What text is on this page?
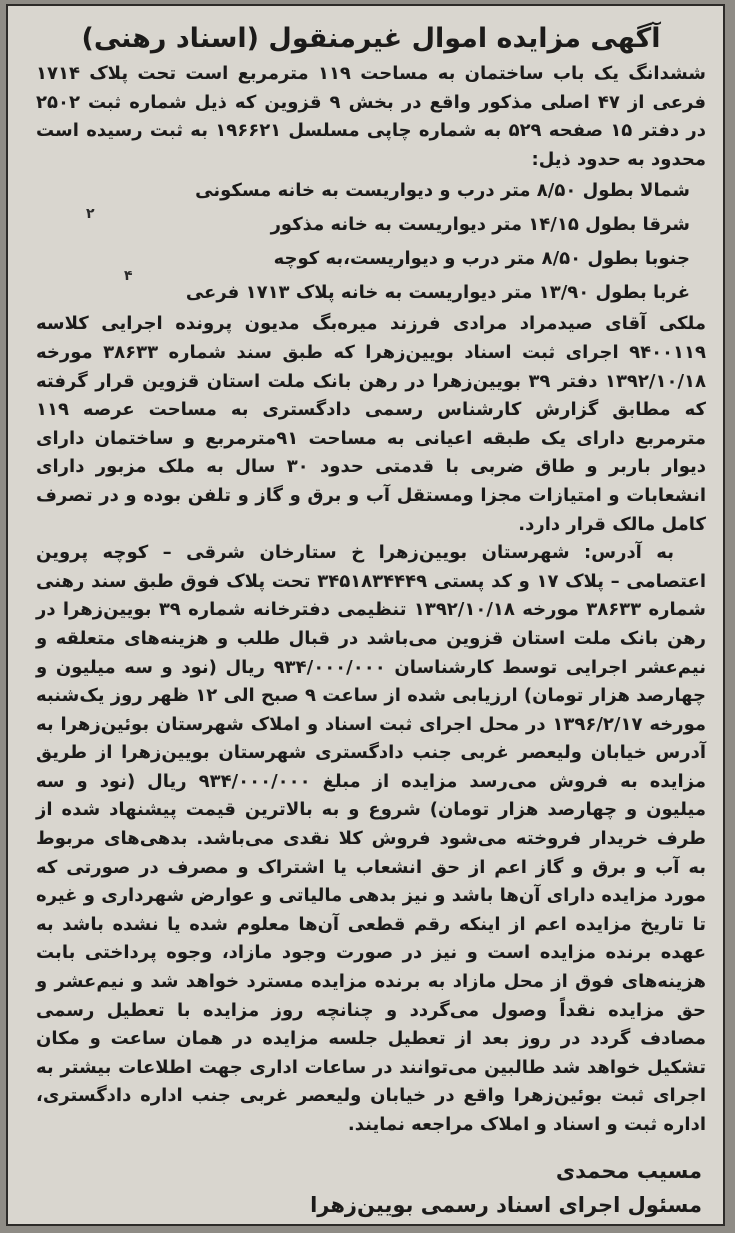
آگهی مزایده اموال غیرمنقول (اسناد رهنی)

ششدانگ یک باب ساختمان به مساحت ۱۱۹ مترمربع است تحت پلاک ۱۷۱۴ فرعی از ۴۷ اصلی مذکور واقع در بخش ۹ قزوین که ذیل شماره ثبت ۲۵۰۲ در دفتر ۱۵ صفحه ۵۲۹ به شماره چاپی مسلسل ۱۹۶۶۲۱ به ثبت رسیده است محدود به حدود ذیل:

شمالا بطول ۸/۵۰ متر درب و دیواریست به خانه مسکونی
شرقا بطول ۱۴/۱۵ متر دیواریست به خانه مذکور
جنوبا بطول ۸/۵۰ متر درب و دیواریست،به کوچه
غربا بطول ۱۳/۹۰ متر دیواریست به خانه پلاک ۱۷۱۳ فرعی

ملکی آقای صیدمراد مرادی فرزند میره‌بگ مدیون پرونده اجرایی کلاسه ۹۴۰۰۱۱۹ اجرای ثبت اسناد بویین‌زهرا که طبق سند شماره ۳۸۶۳۳ مورخه ۱۳۹۲/۱۰/۱۸ دفتر ۳۹ بویین‌زهرا در رهن بانک ملت استان قزوین قرار گرفته که مطابق گزارش کارشناس رسمی دادگستری به مساحت عرصه ۱۱۹ مترمربع دارای یک طبقه اعیانی به مساحت ۹۱مترمربع و ساختمان دارای دیوار باربر و طاق ضربی با قدمتی حدود ۳۰ سال به ملک مزبور دارای انشعابات و امتیازات مجزا ومستقل آب و برق و گاز و تلفن بوده و در تصرف کامل مالک قرار دارد.

به آدرس: شهرستان بویین‌زهرا خ ستارخان شرقی – کوچه پروین اعتصامی – پلاک ۱۷ و کد پستی ۳۴۵۱۸۳۴۴۴۹ تحت پلاک فوق طبق سند رهنی شماره ۳۸۶۳۳ مورخه ۱۳۹۲/۱۰/۱۸ تنظیمی دفترخانه شماره ۳۹ بویین‌زهرا در رهن بانک ملت استان قزوین می‌باشد در قبال طلب و هزینه‌های متعلقه و نیم‌عشر اجرایی توسط کارشناسان ۹۳۴/۰۰۰/۰۰۰ ریال (نود و سه میلیون و چهارصد هزار تومان) ارزیابی شده از ساعت ۹ صبح الی ۱۲ ظهر روز یک‌شنبه مورخه ۱۳۹۶/۲/۱۷ در محل اجرای ثبت اسناد و املاک شهرستان بوئین‌زهرا به آدرس خیابان ولیعصر غربی جنب دادگستری شهرستان بویین‌زهرا از طریق مزایده به فروش می‌رسد مزایده از مبلغ ۹۳۴/۰۰۰/۰۰۰ ریال (نود و سه میلیون و چهارصد هزار تومان) شروع و به بالاترین قیمت پیشنهاد شده از طرف خریدار فروخته می‌شود فروش کلا نقدی می‌باشد. بدهی‌های مربوط به آب و برق و گاز اعم از حق انشعاب یا اشتراک و مصرف در صورتی که مورد مزایده دارای آن‌ها باشد و نیز بدهی مالیاتی و عوارض شهرداری و غیره تا تاریخ مزایده اعم از اینکه رقم قطعی آن‌ها معلوم شده یا نشده باشد به عهده برنده مزایده است و نیز در صورت وجود مازاد، وجوه پرداختی بابت هزینه‌های فوق از محل مازاد به برنده مزایده مسترد خواهد شد و نیم‌عشر و حق مزایده نقداً وصول می‌گردد و چنانچه روز مزایده با تعطیل رسمی مصادف گردد در روز بعد از تعطیل جلسه مزایده در همان ساعت و مکان تشکیل خواهد شد طالبین می‌توانند در ساعات اداری جهت اطلاعات بیشتر به اجرای ثبت بوئین‌زهرا واقع در خیابان ولیعصر غربی جنب اداره دادگستری، اداره ثبت و اسناد و املاک مراجعه نمایند.

مسیب محمدی

مسئول اجرای اسناد رسمی بویین‌زهرا

۲
۴
